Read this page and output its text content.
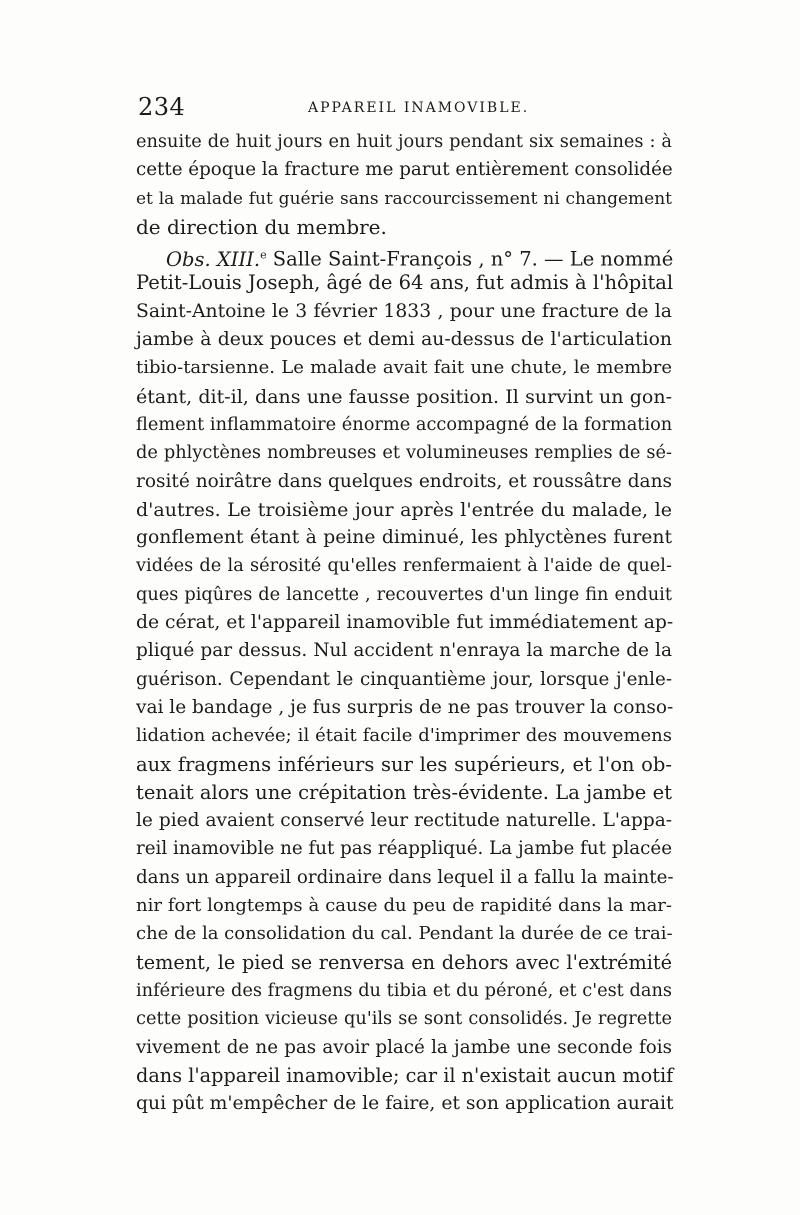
234	APPAREIL INAMOVIBLE.
ensuite de huit jours en huit jours pendant six semaines : à
cette époque la fracture me parut entièrement consolidée
et la malade fut guérie sans raccourcissement ni changement
de direction du membre.
Obs. XIII.$^e$ Salle Saint-François , n° 7. — Le nommé
Petit-Louis Joseph, âgé de 64 ans, fut admis à l'hôpital
Saint-Antoine le 3 février 1833 , pour une fracture de la
jambe à deux pouces et demi au-dessus de l'articulation
tibio-tarsienne. Le malade avait fait une chute, le membre
étant, dit-il, dans une fausse position. Il survint un gon-
flement inflammatoire énorme accompagné de la formation
de phlyctènes nombreuses et volumineuses remplies de sé-
rosité noirâtre dans quelques endroits, et roussâtre dans
d'autres. Le troisième jour après l'entrée du malade, le
gonflement étant à peine diminué, les phlyctènes furent
vidées de la sérosité qu'elles renfermaient à l'aide de quel-
ques piqûres de lancette , recouvertes d'un linge fin enduit
de cérat, et l'appareil inamovible fut immédiatement ap-
pliqué par dessus. Nul accident n'enraya la marche de la
guérison. Cependant le cinquantième jour, lorsque j'enle-
vai le bandage , je fus surpris de ne pas trouver la conso-
lidation achevée; il était facile d'imprimer des mouvemens
aux fragmens inférieurs sur les supérieurs, et l'on ob-
tenait alors une crépitation très-évidente. La jambe et
le pied avaient conservé leur rectitude naturelle. L'appa-
reil inamovible ne fut pas réappliqué. La jambe fut placée
dans un appareil ordinaire dans lequel il a fallu la mainte-
nir fort longtemps à cause du peu de rapidité dans la mar-
che de la consolidation du cal. Pendant la durée de ce trai-
tement, le pied se renversa en dehors avec l'extrémité
inférieure des fragmens du tibia et du péroné, et c'est dans
cette position vicieuse qu'ils se sont consolidés. Je regrette
vivement de ne pas avoir placé la jambe une seconde fois
dans l'appareil inamovible; car il n'existait aucun motif
qui pût m'empêcher de le faire, et son application aurait
